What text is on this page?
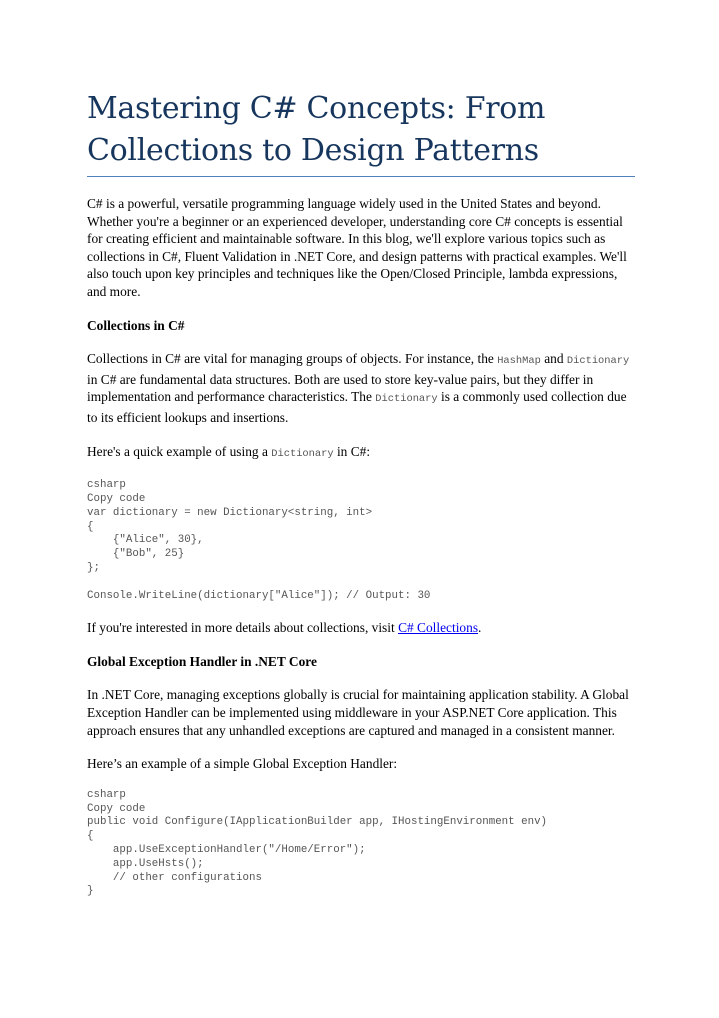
Mastering C# Concepts: From
Collections to Design Patterns

C# is a powerful, versatile programming language widely used in the United States and beyond. Whether you're a beginner or an experienced developer, understanding core C# concepts is essential for creating efficient and maintainable software. In this blog, we'll explore various topics such as collections in C#, Fluent Validation in .NET Core, and design patterns with practical examples. We'll also touch upon key principles and techniques like the Open/Closed Principle, lambda expressions, and more.

Collections in C#

Collections in C# are vital for managing groups of objects. For instance, the HashMap and Dictionary in C# are fundamental data structures. Both are used to store key-value pairs, but they differ in implementation and performance characteristics. The Dictionary is a commonly used collection due to its efficient lookups and insertions.

Here's a quick example of using a Dictionary in C#:

csharp
Copy code
var dictionary = new Dictionary<string, int>
{
{"Alice", 30},
{"Bob", 25}
};

Console.WriteLine(dictionary["Alice"]); // Output: 30

If you're interested in more details about collections, visit C# Collections.

Global Exception Handler in .NET Core

In .NET Core, managing exceptions globally is crucial for maintaining application stability. A Global Exception Handler can be implemented using middleware in your ASP.NET Core application. This approach ensures that any unhandled exceptions are captured and managed in a consistent manner.

Here’s an example of a simple Global Exception Handler:

csharp
Copy code
public void Configure(IApplicationBuilder app, IHostingEnvironment env)
{
app.UseExceptionHandler("/Home/Error");
app.UseHsts();
// other configurations
}
